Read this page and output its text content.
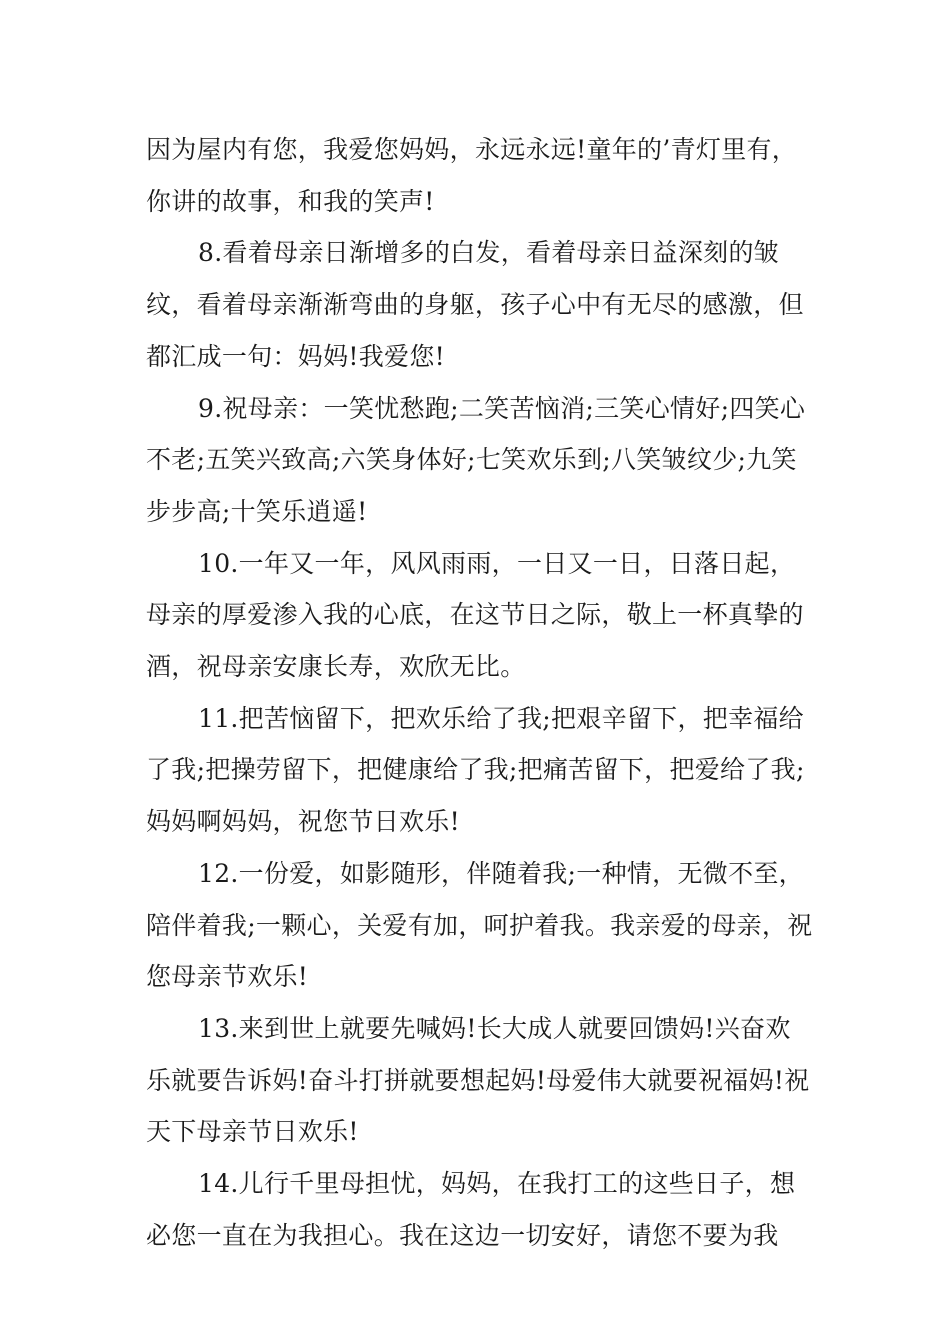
因为屋内有您，我爱您妈妈，永远永远!童年的’青灯里有，你讲的故事，和我的笑声!

8.看着母亲日渐增多的白发，看着母亲日益深刻的皱纹，看着母亲渐渐弯曲的身躯，孩子心中有无尽的感激，但都汇成一句：妈妈!我爱您!

9.祝母亲：一笑忧愁跑;二笑苦恼消;三笑心情好;四笑心不老;五笑兴致高;六笑身体好;七笑欢乐到;八笑皱纹少;九笑步步高;十笑乐逍遥!

10.一年又一年，风风雨雨，一日又一日，日落日起，母亲的厚爱渗入我的心底，在这节日之际，敬上一杯真挚的酒，祝母亲安康长寿，欢欣无比。

11.把苦恼留下，把欢乐给了我;把艰辛留下，把幸福给了我;把操劳留下，把健康给了我;把痛苦留下，把爱给了我;妈妈啊妈妈，祝您节日欢乐!

12.一份爱，如影随形，伴随着我;一种情，无微不至，陪伴着我;一颗心，关爱有加，呵护着我。我亲爱的母亲，祝您母亲节欢乐!

13.来到世上就要先喊妈!长大成人就要回馈妈!兴奋欢乐就要告诉妈!奋斗打拼就要想起妈!母爱伟大就要祝福妈!祝天下母亲节日欢乐!

14.儿行千里母担忧，妈妈，在我打工的这些日子，想必您一直在为我担心。我在这边一切安好，请您不要为我
